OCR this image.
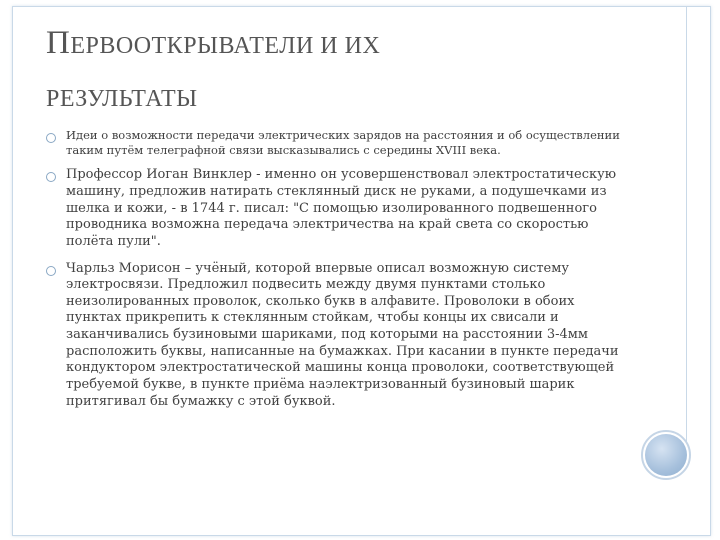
ПЕРВООТКРЫВАТЕЛИ И ИХ
РЕЗУЛЬТАТЫ
Идеи о возможности передачи электрических зарядов на расстояния и об осуществлении таким путём телеграфной связи высказывались с середины XVIII века.
Профессор Иоган Винклер - именно он усовершенствовал электростатическую машину, предложив натирать стеклянный диск не руками, а подушечками из шелка и кожи, - в 1744 г. писал: "С помощью изолированного подвешенного проводника возможна передача электричества на край света со скоростью полёта пули".
Чарльз Морисон – учёный, которой впервые описал возможную систему электросвязи. Предложил подвесить между двумя пунктами столько неизолированных проволок, сколько букв в алфавите. Проволоки в обоих пунктах прикрепить к стеклянным стойкам, чтобы концы их свисали и заканчивались бузиновыми шариками, под которыми на расстоянии 3-4мм расположить буквы, написанные на бумажках. При касании в пункте передачи кондуктором электростатической машины конца проволоки, соответствующей требуемой букве, в пункте приёма наэлектризованный бузиновый шарик притягивал бы бумажку с этой буквой.
